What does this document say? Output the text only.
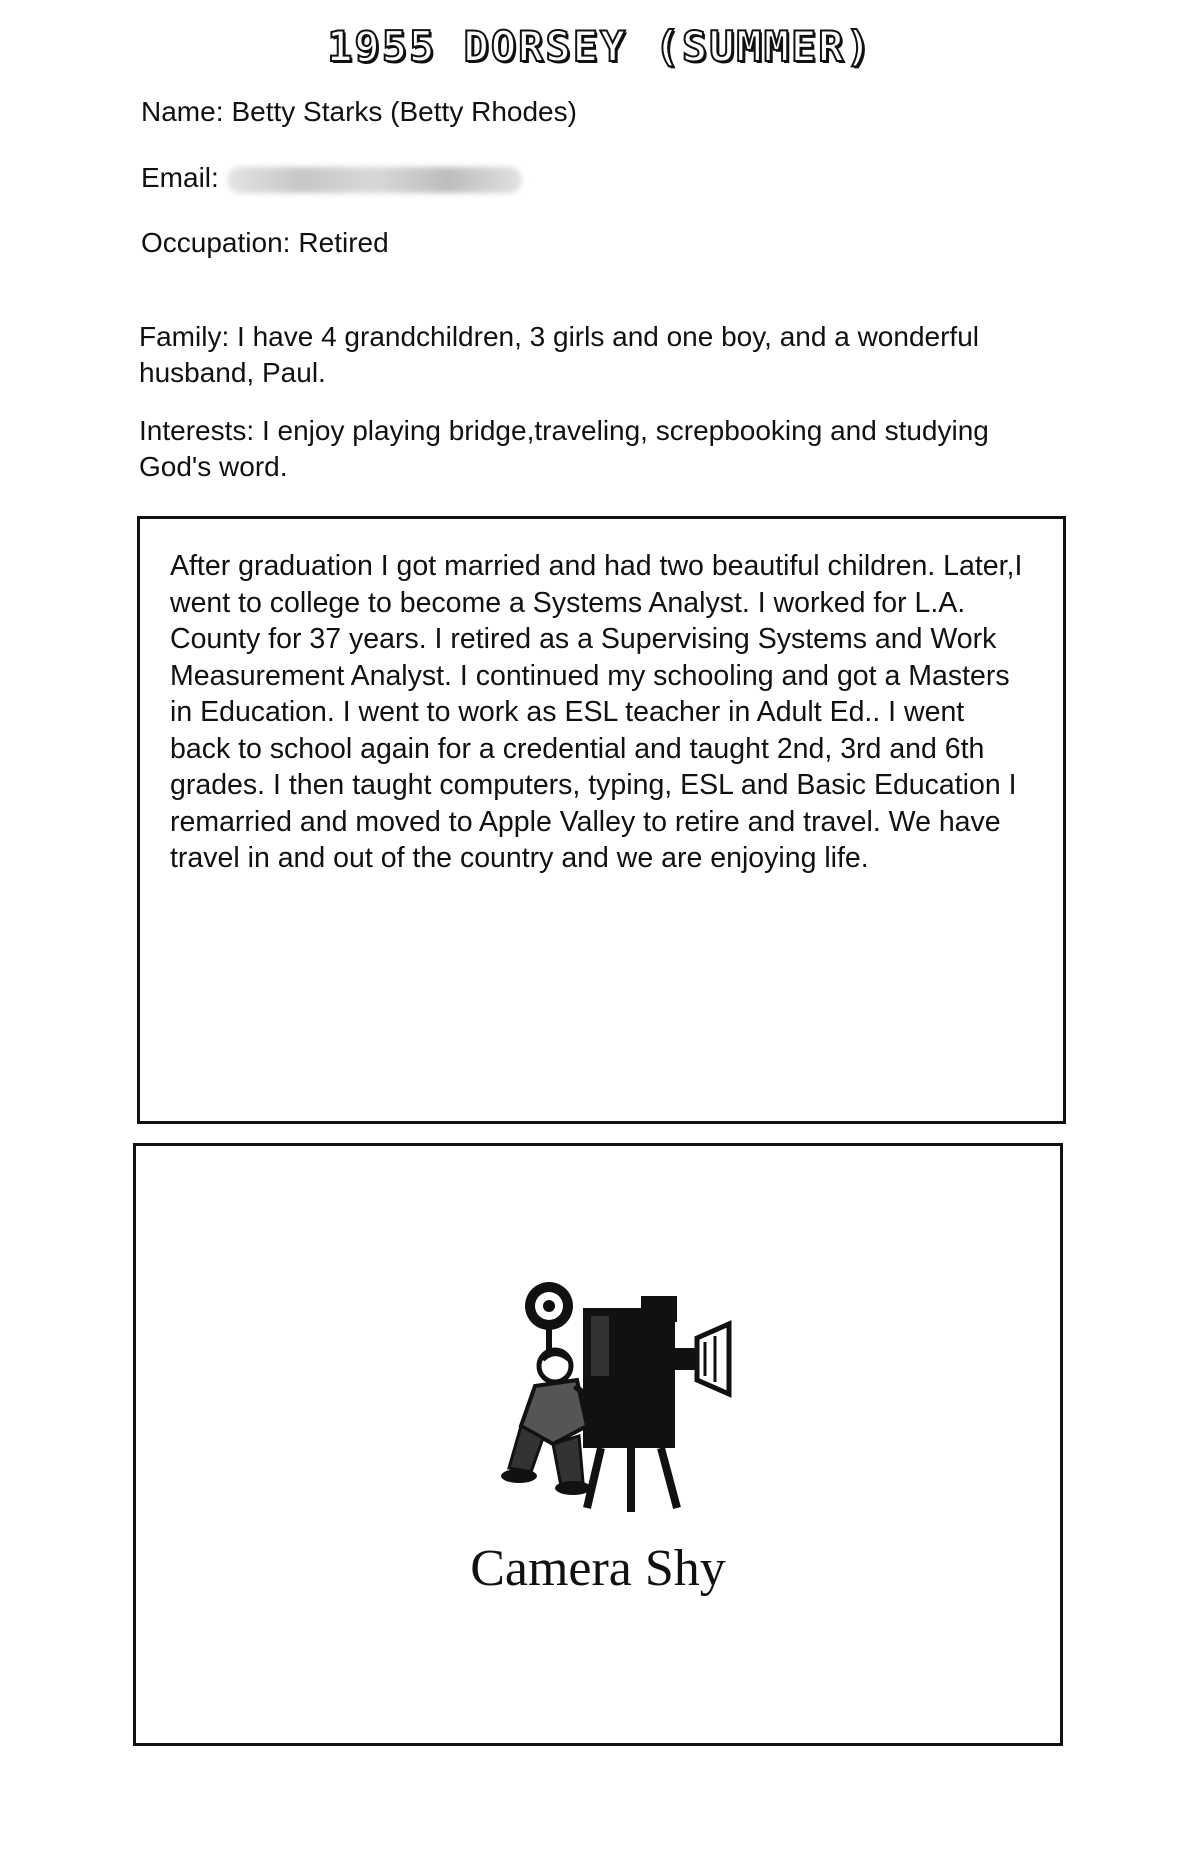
1955 DORSEY (SUMMER)
Name: Betty Starks (Betty Rhodes)
Email:
Occupation: Retired
Family: I have 4 grandchildren, 3 girls and one boy, and a wonderful husband, Paul.
Interests: I enjoy playing bridge,traveling, screpbooking and studying God's word.
After graduation I got married and had two beautiful children. Later,I went to college to become a Systems Analyst. I worked for L.A. County for 37 years. I retired as a Supervising Systems and Work Measurement Analyst. I continued my schooling and got a Masters in Education. I went to work as ESL teacher in Adult Ed.. I went back to school again for a credential and taught 2nd, 3rd and 6th grades. I then taught computers, typing, ESL and Basic Education I remarried and moved to Apple Valley to retire and travel. We have travel in and out of the country and we are enjoying life.
Camera Shy
